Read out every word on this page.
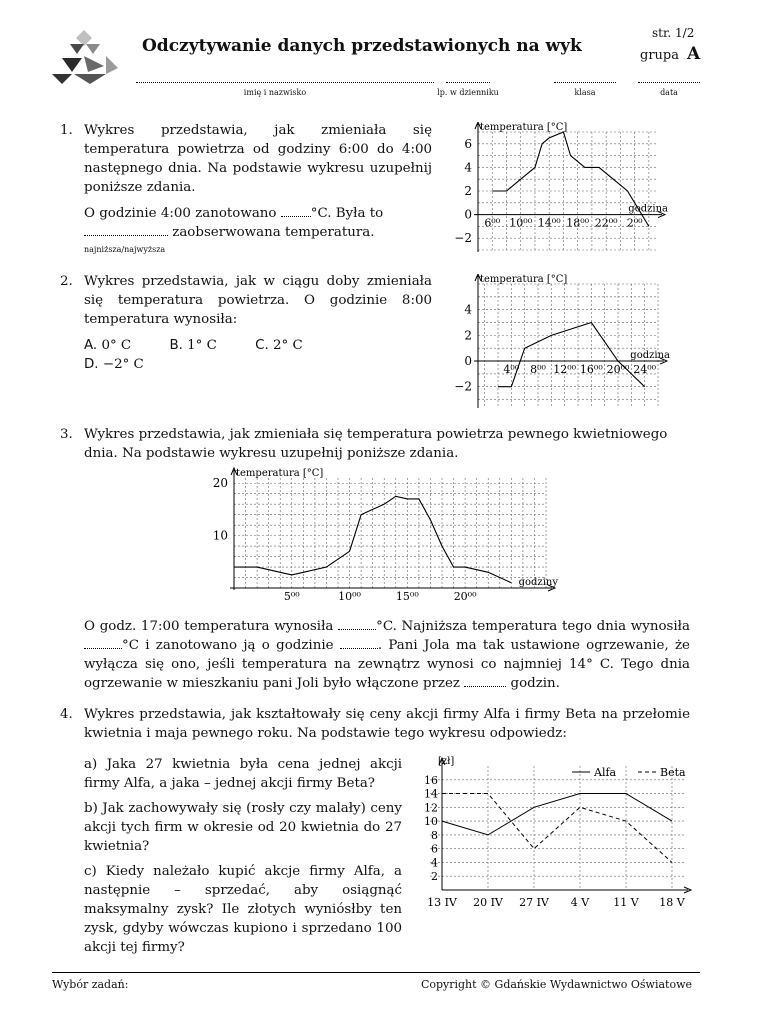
Odczytywanie danych przedstawionych na wyk
str. 1/2
grupa A
imię i nazwisko	lp. w dzienniku	klasa	data
1. Wykres przedstawia, jak zmieniała się temperatura powietrza od godziny 6:00 do 4:00 następnego dnia. Na podstawie wykresu uzupełnij poniższe zdania.

O godzinie 4:00 zanotowano	°C. Była to
zaobserwowana temperatura.

najniższa/najwyższa
6
4
2
0
−2
6⁰⁰ 10⁰⁰ 14⁰⁰ 18⁰⁰ 22⁰⁰ 2⁰⁰
temperatura [°C]
godzina
2. Wykres przedstawia, jak w ciągu doby zmieniała się temperatura powietrza. O godzinie 8:00 temperatura wynosiła:

A. 0° C	B. 1° C	C. 2° C D. −2° C

4
2
0
−2
4⁰⁰ 8⁰⁰ 12⁰⁰ 16⁰⁰ 20⁰⁰ 24⁰⁰
temperatura [°C]
godzina
3. Wykres przedstawia, jak zmieniała się temperatura powietrza pewnego kwietniowego dnia. Na podstawie wykresu uzupełnij poniższe zdania.

20
10
5⁰⁰	10⁰⁰	15⁰⁰	20⁰⁰
temperatura [°C]
godziny
O godz. 17:00 temperatura wynosiła	°C. Najniższa temperatura tego dnia wynosiła °C i zanotowano ją o godzinie	. Pani Jola ma tak ustawione ogrzewanie, że wyłącza się ono, jeśli temperatura na zewnątrz wynosi co najmniej 14° C. Tego dnia ogrzewanie w mieszkaniu pani Joli było włączone przez	godzin.
4. Wykres przedstawia, jak kształtowały się ceny akcji firmy Alfa i firmy Beta na przełomie kwietnia i maja pewnego roku. Na podstawie tego wykresu odpowiedz:

a) Jaka 27 kwietnia była cena jednej akcji firmy Alfa, a jaka – jednej akcji firmy Beta?

b) Jak zachowywały się (rosły czy malały) ceny akcji tych firm w okresie od 20 kwietnia do 27 kwietnia?

c) Kiedy należało kupić akcje firmy Alfa, a następnie – sprzedać, aby osiągnąć maksymalny zysk? Ile złotych wyniósłby ten zysk, gdyby wówczas kupiono i sprzedano 100 akcji tej firmy?

[zł]
16
14
12
10
8
6
4
2
13 IV 20 IV 27 IV 4 V 11 V 18 V
Alfa	Beta
Wybór zadań:	Copyright © Gdańskie Wydawnictwo Oświatowe
